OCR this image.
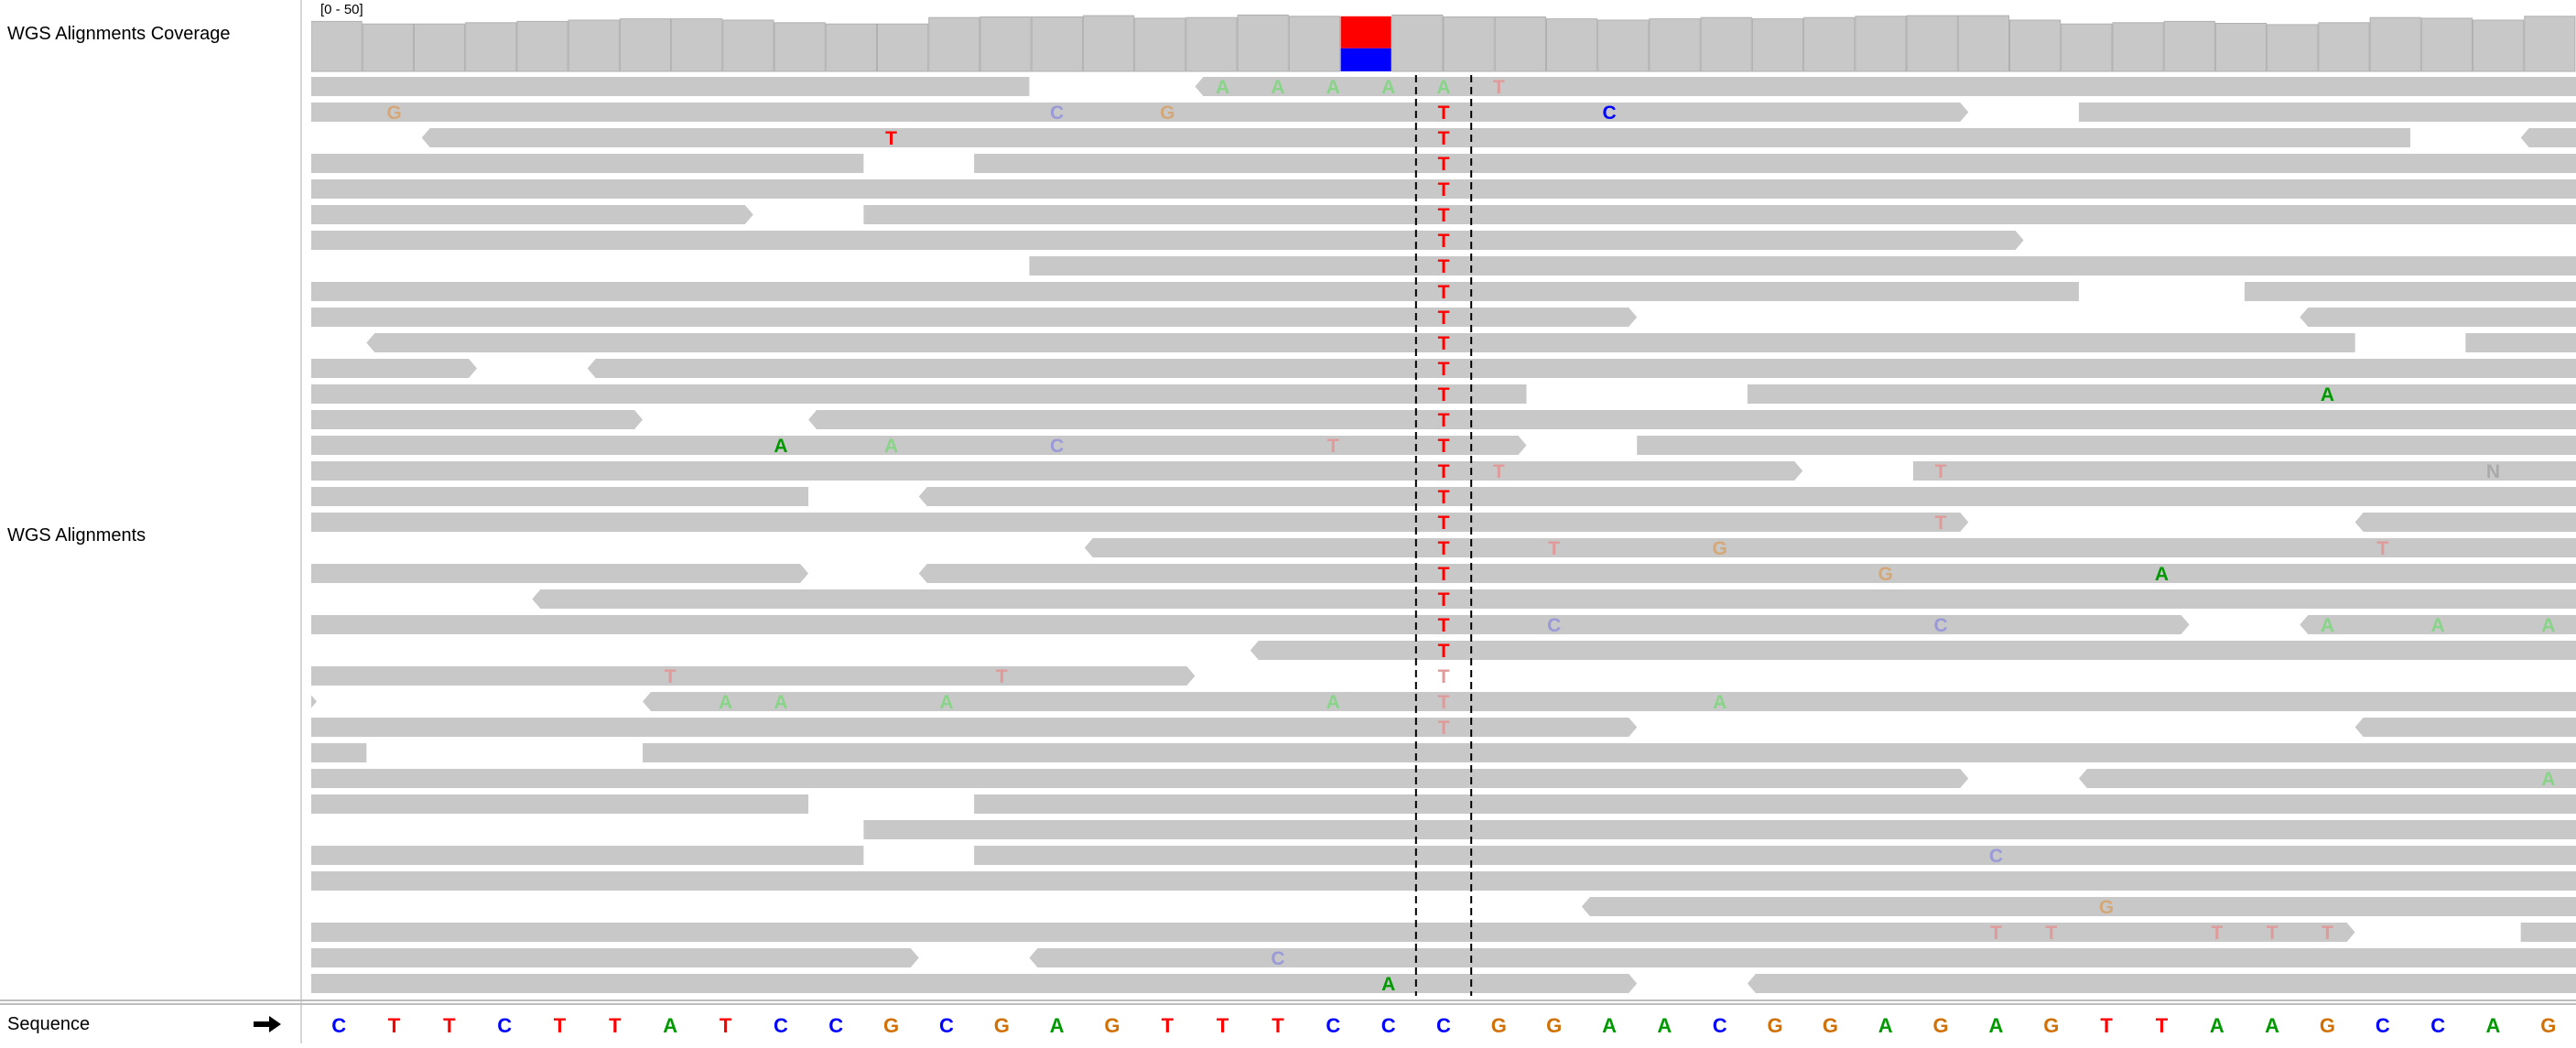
WGS Alignments Coverage
WGS Alignments
Sequence
[0 - 50]
A A A A A T
G	C	G	T	C
T	T
T
T
T
T
T
T
T
T
T
T	A
T
A	A	C	T	T
T T	T	N
T
T	T
T	T	G	T
T	G	A
T
T	C	C	A	A	A
T
T	T	T
A A	A	A	T	A
T
A
C
G
T T	T T T
C
A
C T T C T T A T C C G C G A G T T T C C C G G A A C G G A G A G T T A A G C C A G
